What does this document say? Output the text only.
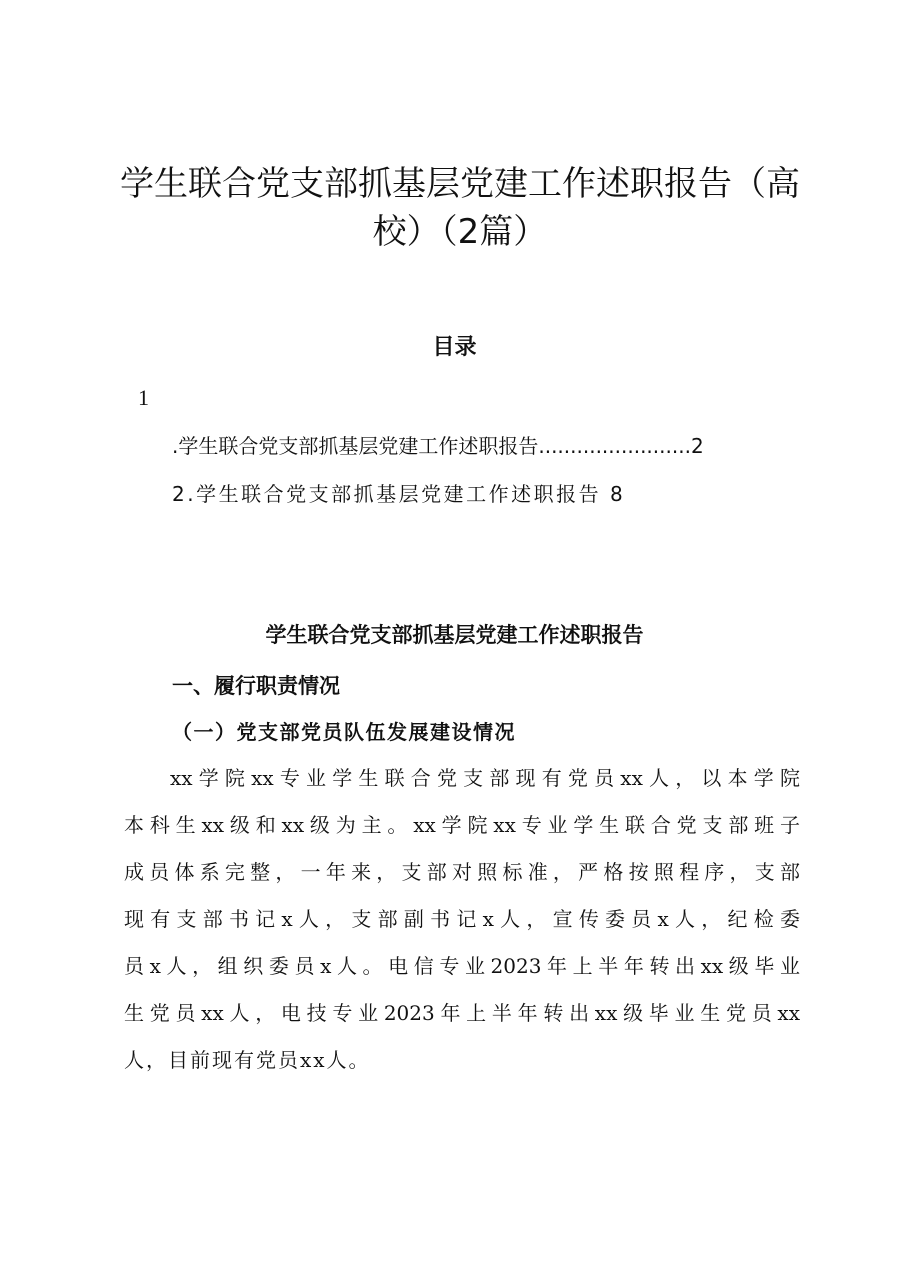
学生联合党支部抓基层党建工作述职报告（高
校）（2篇）
目录
1
.学生联合党支部抓基层党建工作述职报告........................2
2.学生联合党支部抓基层党建工作述职报告 8
学生联合党支部抓基层党建工作述职报告
一、履行职责情况
（一）党支部党员队伍发展建设情况
xx学院xx专业学生联合党支部现有党员xx人，以本学院
本科生xx级和xx级为主。xx学院xx专业学生联合党支部班子
成员体系完整，一年来，支部对照标准，严格按照程序，支部
现有支部书记x人，支部副书记x人，宣传委员x人，纪检委
员x人，组织委员x人。电信专业2023年上半年转出xx级毕业
生党员xx人，电技专业2023年上半年转出xx级毕业生党员xx
人，目前现有党员xx人。
